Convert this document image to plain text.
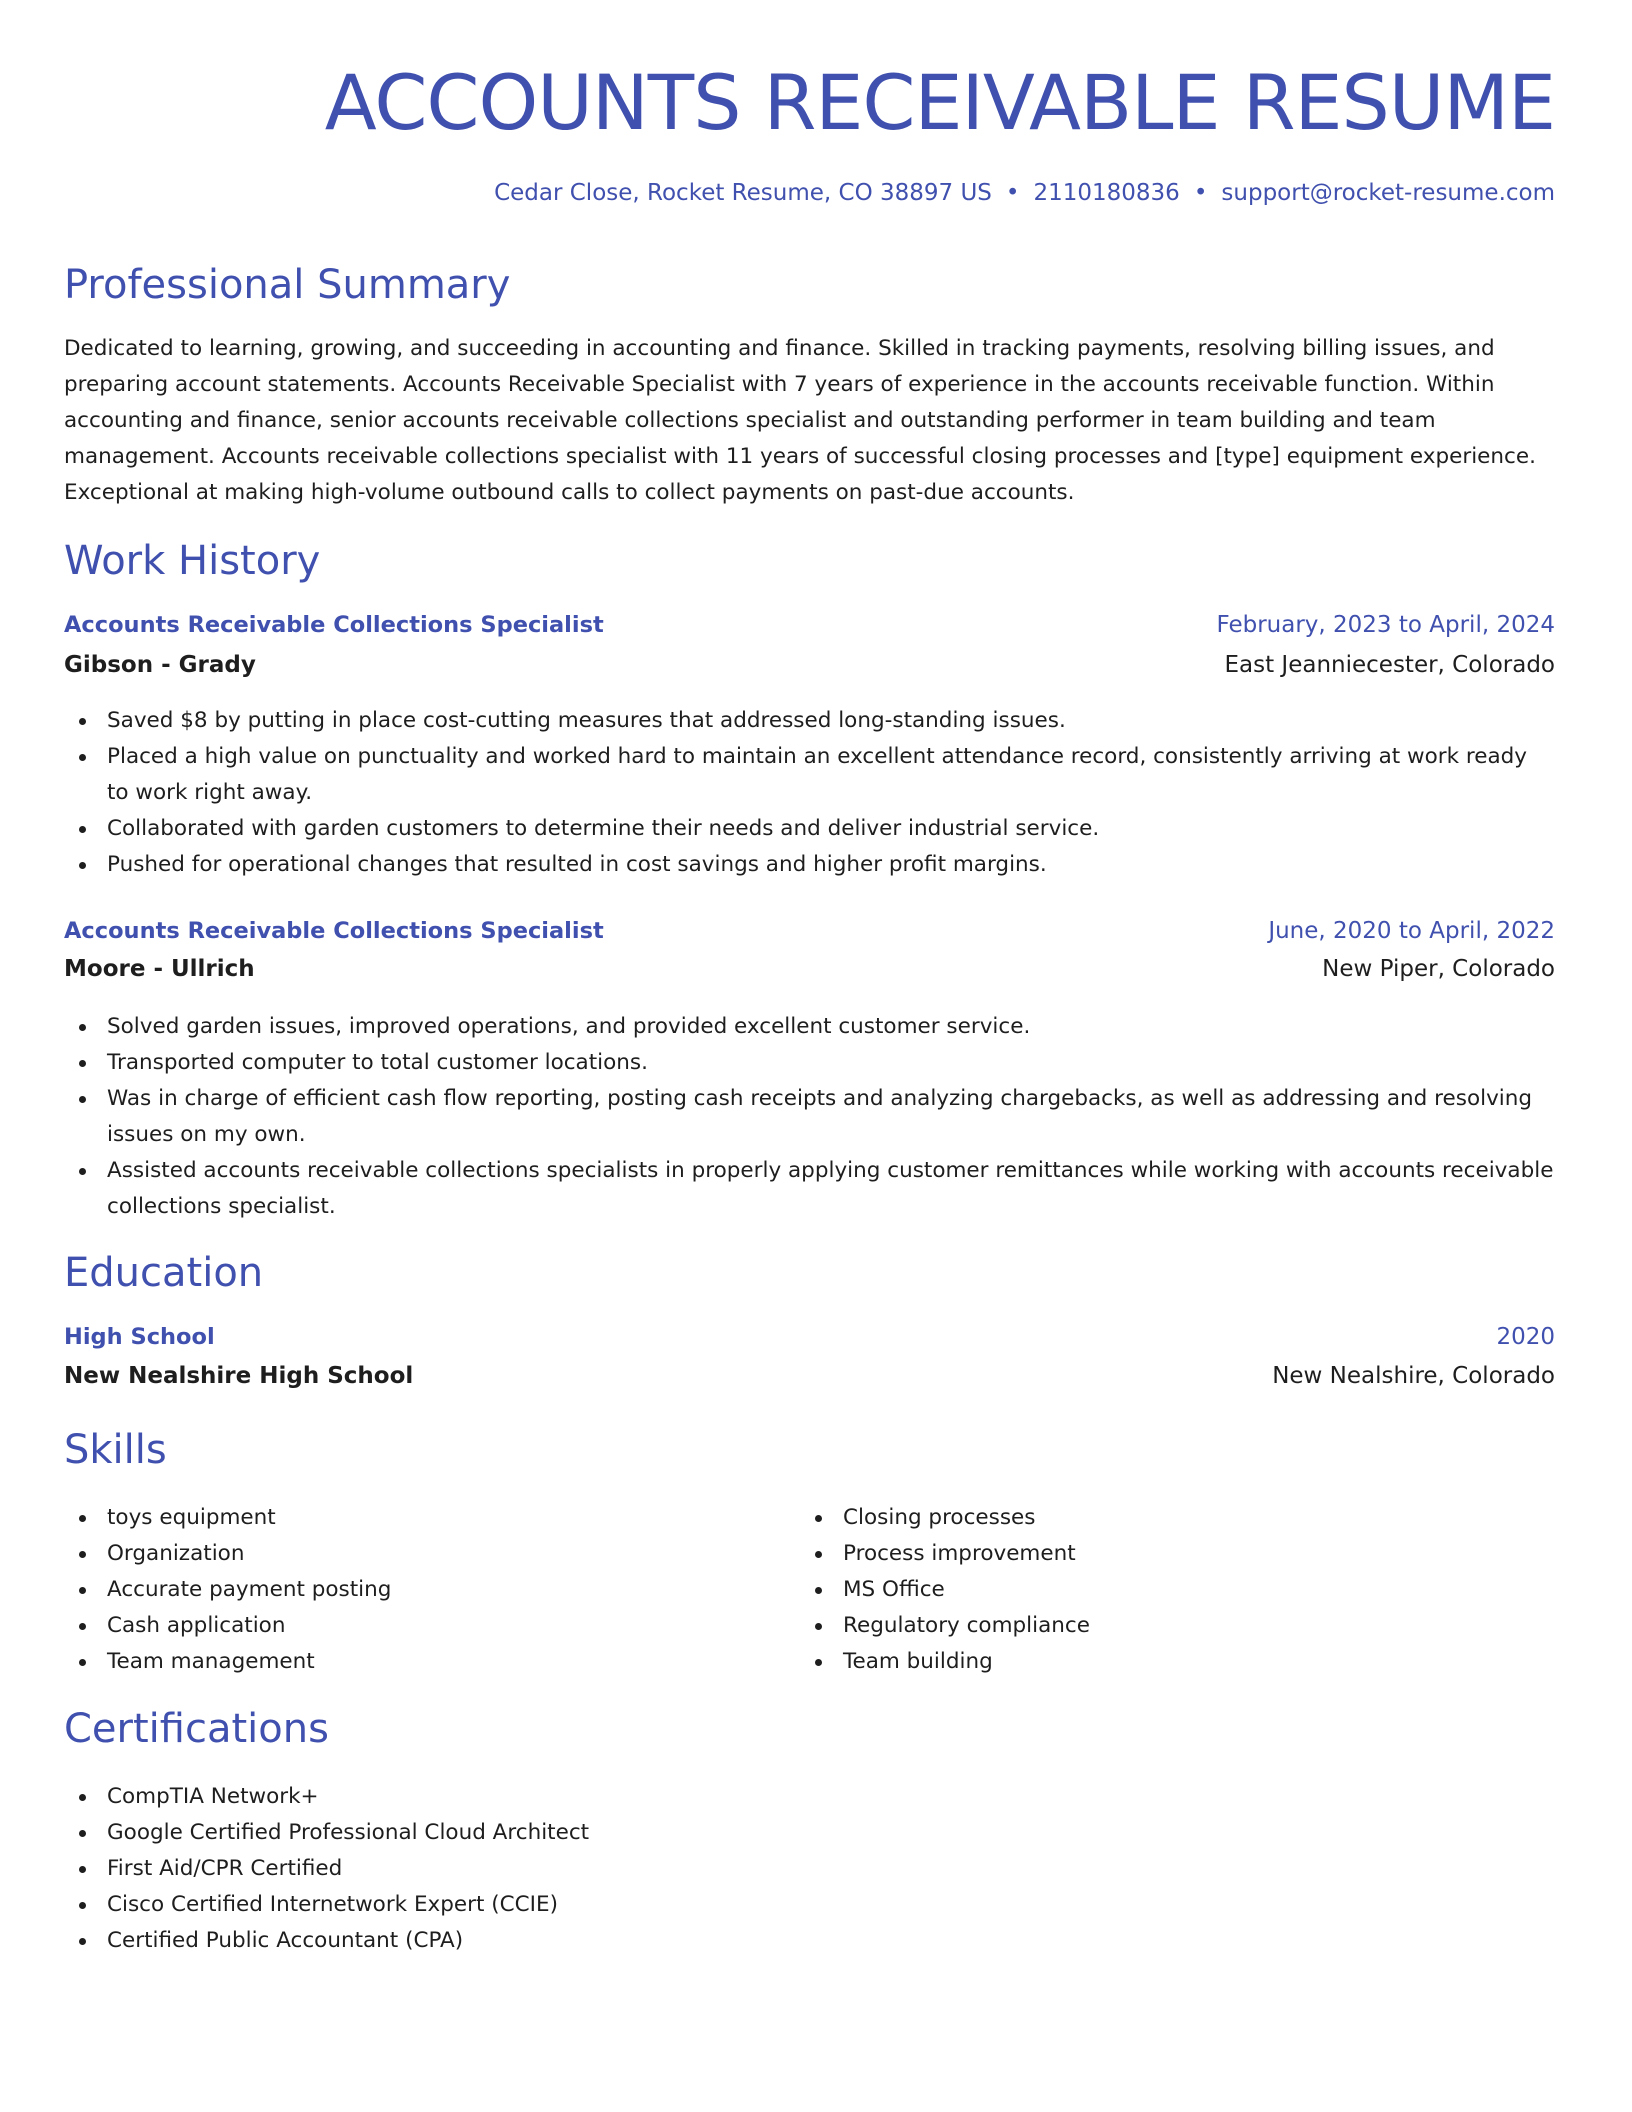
ACCOUNTS RECEIVABLE RESUME
Cedar Close, Rocket Resume, CO 38897 US • 2110180836 • support@rocket-resume.com
Professional Summary

Dedicated to learning, growing, and succeeding in accounting and finance. Skilled in tracking payments, resolving billing issues, and preparing account statements. Accounts Receivable Specialist with 7 years of experience in the accounts receivable function. Within accounting and finance, senior accounts receivable collections specialist and outstanding performer in team building and team management. Accounts receivable collections specialist with 11 years of successful closing processes and [type] equipment experience. Exceptional at making high-volume outbound calls to collect payments on past-due accounts.

Work History
Accounts Receivable Collections Specialist	February, 2023 to April, 2024
Gibson - Grady	East Jeanniecester, Colorado
Saved $8 by putting in place cost-cutting measures that addressed long-standing issues.
Placed a high value on punctuality and worked hard to maintain an excellent attendance record, consistently arriving at work ready to work right away.
Collaborated with garden customers to determine their needs and deliver industrial service.
Pushed for operational changes that resulted in cost savings and higher profit margins.
Accounts Receivable Collections Specialist	June, 2020 to April, 2022
Moore - Ullrich	New Piper, Colorado
Solved garden issues, improved operations, and provided excellent customer service.
Transported computer to total customer locations.
Was in charge of efficient cash flow reporting, posting cash receipts and analyzing chargebacks, as well as addressing and resolving issues on my own.
Assisted accounts receivable collections specialists in properly applying customer remittances while working with accounts receivable collections specialist.
Education
High School	2020
New Nealshire High School	New Nealshire, Colorado
Skills
toys equipment
Organization
Accurate payment posting
Cash application
Team management
Closing processes
Process improvement
MS Office
Regulatory compliance
Team building
Certifications
CompTIA Network+
Google Certified Professional Cloud Architect
First Aid/CPR Certified
Cisco Certified Internetwork Expert (CCIE)
Certified Public Accountant (CPA)
